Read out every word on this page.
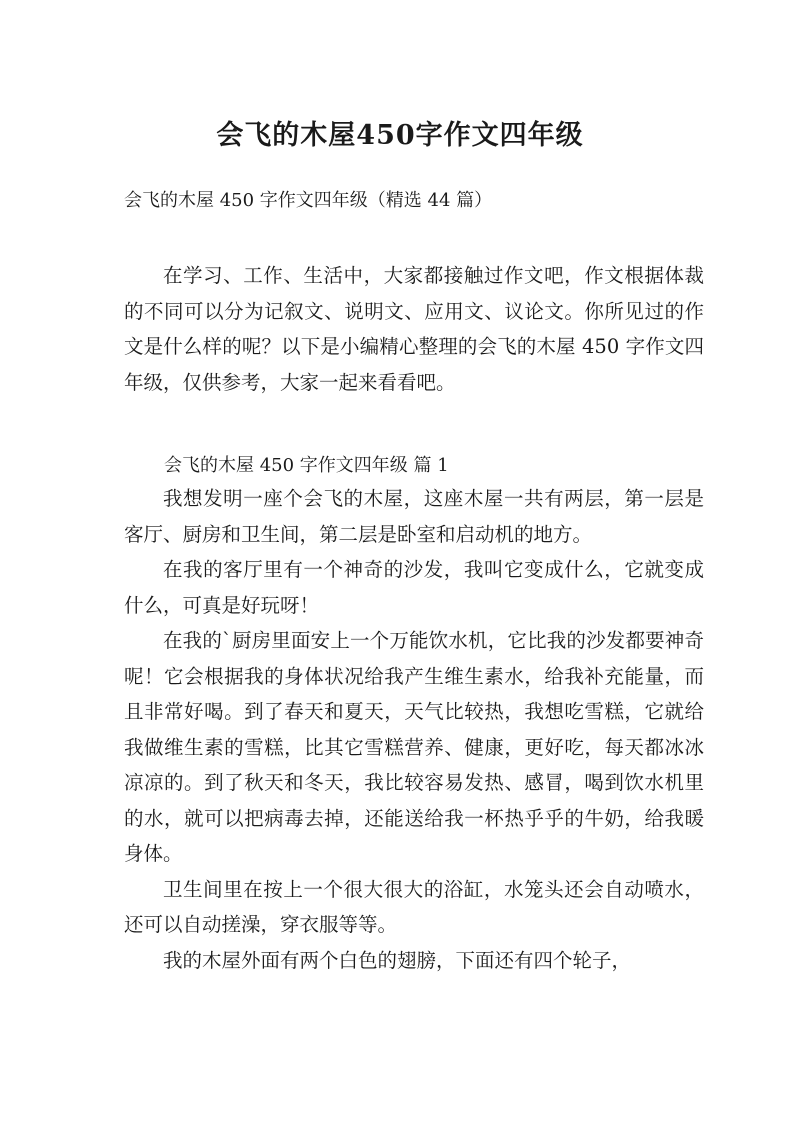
会飞的木屋450字作文四年级
会飞的木屋 450 字作文四年级（精选 44 篇）

在学习、工作、生活中，大家都接触过作文吧，作文根据体裁的不同可以分为记叙文、说明文、应用文、议论文。你所见过的作文是什么样的呢？以下是小编精心整理的会飞的木屋 450 字作文四年级，仅供参考，大家一起来看看吧。

会飞的木屋 450 字作文四年级 篇 1

我想发明一座个会飞的木屋，这座木屋一共有两层，第一层是客厅、厨房和卫生间，第二层是卧室和启动机的地方。

在我的客厅里有一个神奇的沙发，我叫它变成什么，它就变成什么，可真是好玩呀！

在我的`厨房里面安上一个万能饮水机，它比我的沙发都要神奇呢！它会根据我的身体状况给我产生维生素水，给我补充能量，而且非常好喝。到了春天和夏天，天气比较热，我想吃雪糕，它就给我做维生素的雪糕，比其它雪糕营养、健康，更好吃，每天都冰冰凉凉的。到了秋天和冬天，我比较容易发热、感冒，喝到饮水机里的水，就可以把病毒去掉，还能送给我一杯热乎乎的牛奶，给我暖身体。

卫生间里在按上一个很大很大的浴缸，水笼头还会自动喷水，还可以自动搓澡，穿衣服等等。

我的木屋外面有两个白色的翅膀，下面还有四个轮子，
